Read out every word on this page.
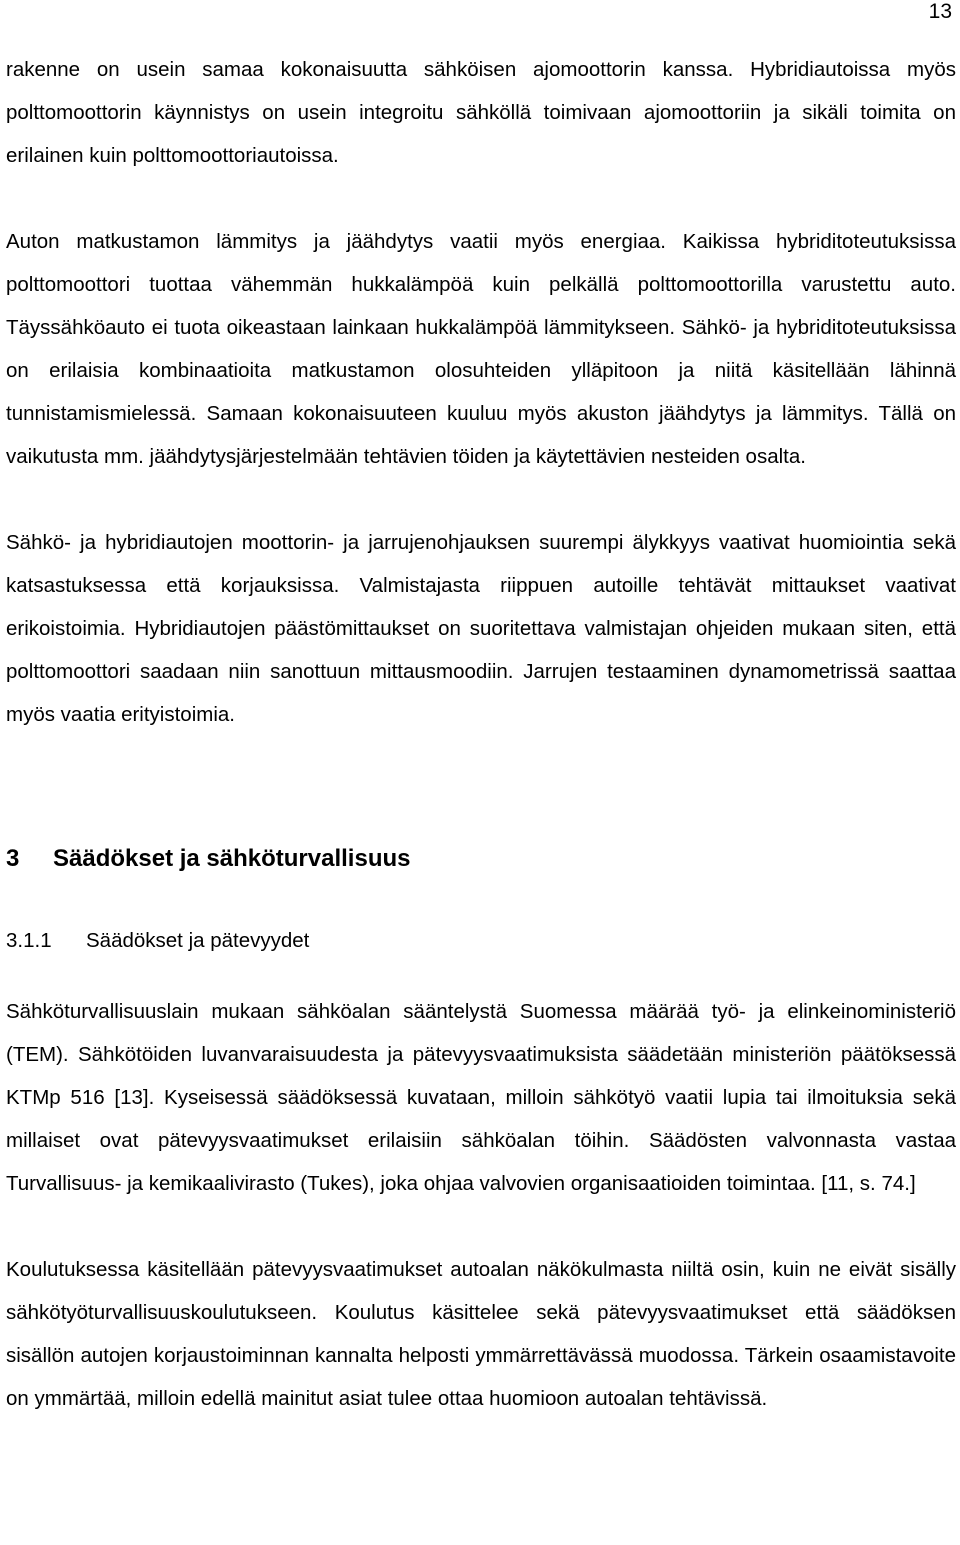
13

rakenne on usein samaa kokonaisuutta sähköisen ajomoottorin kanssa. Hybridiautoissa myös polttomoottorin käynnistys on usein integroitu sähköllä toimivaan ajomoottoriin ja sikäli toimita on erilainen kuin polttomoottoriautoissa.

Auton matkustamon lämmitys ja jäähdytys vaatii myös energiaa. Kaikissa hybriditoteutuksissa polttomoottori tuottaa vähemmän hukkalämpöä kuin pelkällä polttomoottorilla varustettu auto. Täyssähköauto ei tuota oikeastaan lainkaan hukkalämpöä lämmitykseen. Sähkö- ja hybriditoteutuksissa on erilaisia kombinaatioita matkustamon olosuhteiden ylläpitoon ja niitä käsitellään lähinnä tunnistamismielessä. Samaan kokonaisuuteen kuuluu myös akuston jäähdytys ja lämmitys. Tällä on vaikutusta mm. jäähdytysjärjestelmään tehtävien töiden ja käytettävien nesteiden osalta.

Sähkö- ja hybridiautojen moottorin- ja jarrujenohjauksen suurempi älykkyys vaativat huomiointia sekä katsastuksessa että korjauksissa. Valmistajasta riippuen autoille tehtävät mittaukset vaativat erikoistoimia. Hybridiautojen päästömittaukset on suoritettava valmistajan ohjeiden mukaan siten, että polttomoottori saadaan niin sanottuun mittausmoodiin. Jarrujen testaaminen dynamometrissä saattaa myös vaatia erityistoimia.

3	Säädökset ja sähköturvallisuus
3.1.1	Säädökset ja pätevyydet

Sähköturvallisuuslain mukaan sähköalan sääntelystä Suomessa määrää työ- ja elinkeinoministeriö (TEM). Sähkötöiden luvanvaraisuudesta ja pätevyysvaatimuksista säädetään ministeriön päätöksessä KTMp 516 [13]. Kyseisessä säädöksessä kuvataan, milloin sähkötyö vaatii lupia tai ilmoituksia sekä millaiset ovat pätevyysvaatimukset erilaisiin sähköalan töihin. Säädösten valvonnasta vastaa Turvallisuus- ja kemikaalivirasto (Tukes), joka ohjaa valvovien organisaatioiden toimintaa. [11, s. 74.]

Koulutuksessa käsitellään pätevyysvaatimukset autoalan näkökulmasta niiltä osin, kuin ne eivät sisälly sähkötyöturvallisuuskoulutukseen. Koulutus käsittelee sekä pätevyysvaatimukset että säädöksen sisällön autojen korjaustoiminnan kannalta helposti ymmärrettävässä muodossa. Tärkein osaamistavoite on ymmärtää, milloin edellä mainitut asiat tulee ottaa huomioon autoalan tehtävissä.
